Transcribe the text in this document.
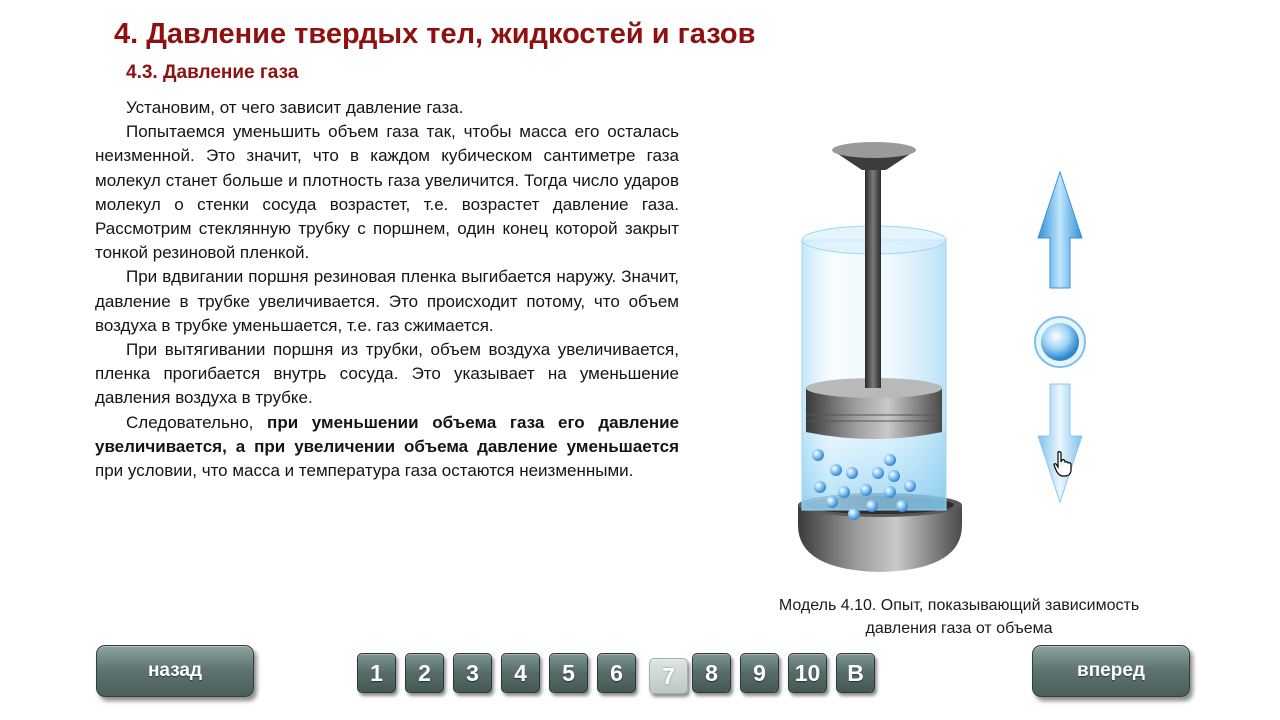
4. Давление твердых тел, жидкостей и газов
4.3. Давление газа

Установим, от чего зависит давление газа.

Попытаемся уменьшить объем газа так, чтобы масса его осталась неизменной. Это значит, что в каждом кубическом сантиметре газа молекул станет больше и плотность газа увеличится. Тогда число ударов молекул о стенки сосуда возрастет, т.е. возрастет давление газа. Рассмотрим стеклянную трубку с поршнем, один конец которой закрыт тонкой резиновой пленкой.

При вдвигании поршня резиновая пленка выгибается наружу. Значит, давление в трубке увеличивается. Это происходит потому, что объем воздуха в трубке уменьшается, т.е. газ сжимается.

При вытягивании поршня из трубки, объем воздуха увеличивается, пленка прогибается внутрь сосуда. Это указывает на уменьшение давления воздуха в трубке.

Следовательно, при уменьшении объема газа его давление увеличивается, а при увеличении объема давление уменьшается при условии, что масса и температура газа остаются неизменными.

Модель 4.10. Опыт, показывающий зависимость
давления газа от объема
назад	1	2	3	4	5	6	7	8	9	10	B	вперед
